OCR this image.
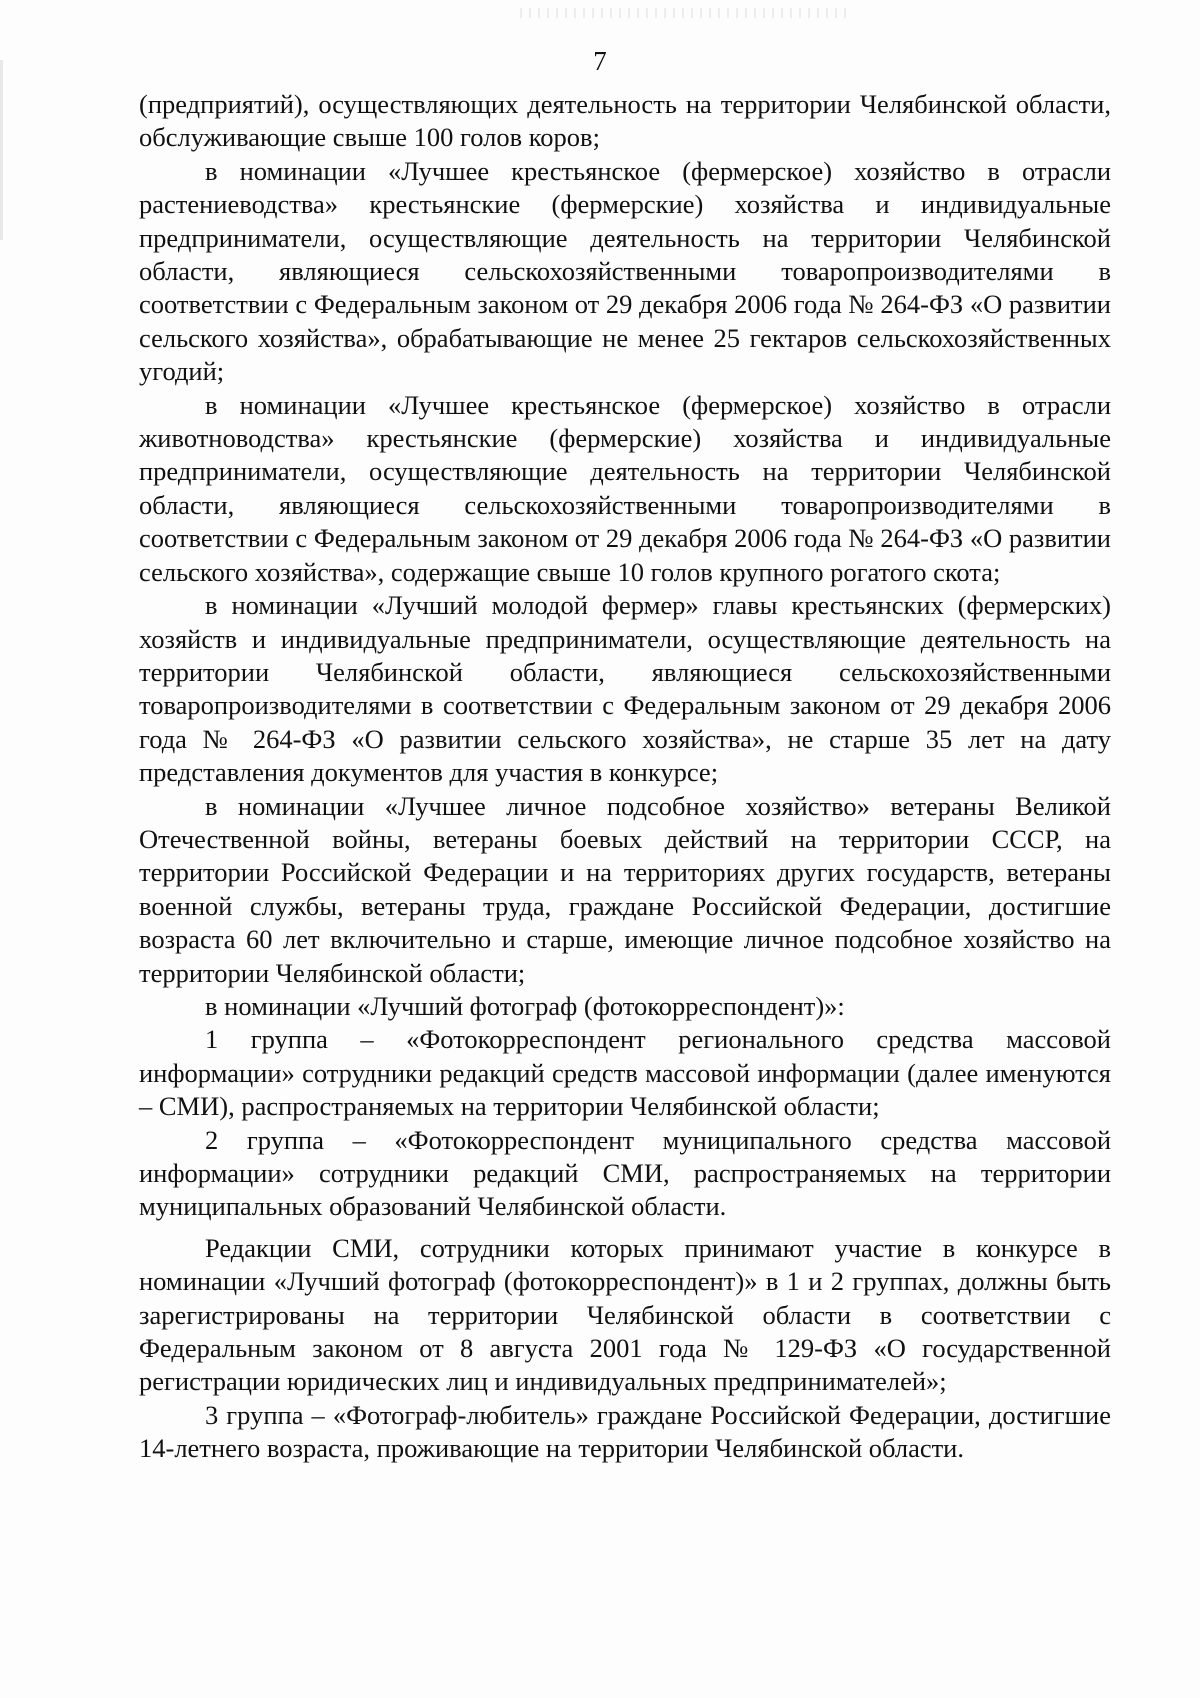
7

(предприятий), осуществляющих деятельность на территории Челябинской области, обслуживающие свыше 100 голов коров;

в номинации «Лучшее крестьянское (фермерское) хозяйство в отрасли растениеводства» крестьянские (фермерские) хозяйства и индивидуальные предприниматели, осуществляющие деятельность на территории Челябинской области, являющиеся сельскохозяйственными товаропроизводителями в соответствии с Федеральным законом от 29 декабря 2006 года № 264-ФЗ «О развитии сельского хозяйства», обрабатывающие не менее 25 гектаров сельскохозяйственных угодий;

в номинации «Лучшее крестьянское (фермерское) хозяйство в отрасли животноводства» крестьянские (фермерские) хозяйства и индивидуальные предприниматели, осуществляющие деятельность на территории Челябинской области, являющиеся сельскохозяйственными товаропроизводителями в соответствии с Федеральным законом от 29 декабря 2006 года № 264-ФЗ «О развитии сельского хозяйства», содержащие свыше 10 голов крупного рогатого скота;

в номинации «Лучший молодой фермер» главы крестьянских (фермерских) хозяйств и индивидуальные предприниматели, осуществляющие деятельность на территории Челябинской области, являющиеся сельскохозяйственными товаропроизводителями в соответствии с Федеральным законом от 29 декабря 2006 года № 264-ФЗ «О развитии сельского хозяйства», не старше 35 лет на дату представления документов для участия в конкурсе;

в номинации «Лучшее личное подсобное хозяйство» ветераны Великой Отечественной войны, ветераны боевых действий на территории СССР, на территории Российской Федерации и на территориях других государств, ветераны военной службы, ветераны труда, граждане Российской Федерации, достигшие возраста 60 лет включительно и старше, имеющие личное подсобное хозяйство на территории Челябинской области;

в номинации «Лучший фотограф (фотокорреспондент)»:

1 группа – «Фотокорреспондент регионального средства массовой информации» сотрудники редакций средств массовой информации (далее именуются – СМИ), распространяемых на территории Челябинской области;

2 группа – «Фотокорреспондент муниципального средства массовой информации» сотрудники редакций СМИ, распространяемых на территории муниципальных образований Челябинской области.

Редакции СМИ, сотрудники которых принимают участие в конкурсе в номинации «Лучший фотограф (фотокорреспондент)» в 1 и 2 группах, должны быть зарегистрированы на территории Челябинской области в соответствии с Федеральным законом от 8 августа 2001 года № 129-ФЗ «О государственной регистрации юридических лиц и индивидуальных предпринимателей»;

3 группа – «Фотограф-любитель» граждане Российской Федерации, достигшие 14-летнего возраста, проживающие на территории Челябинской области.
